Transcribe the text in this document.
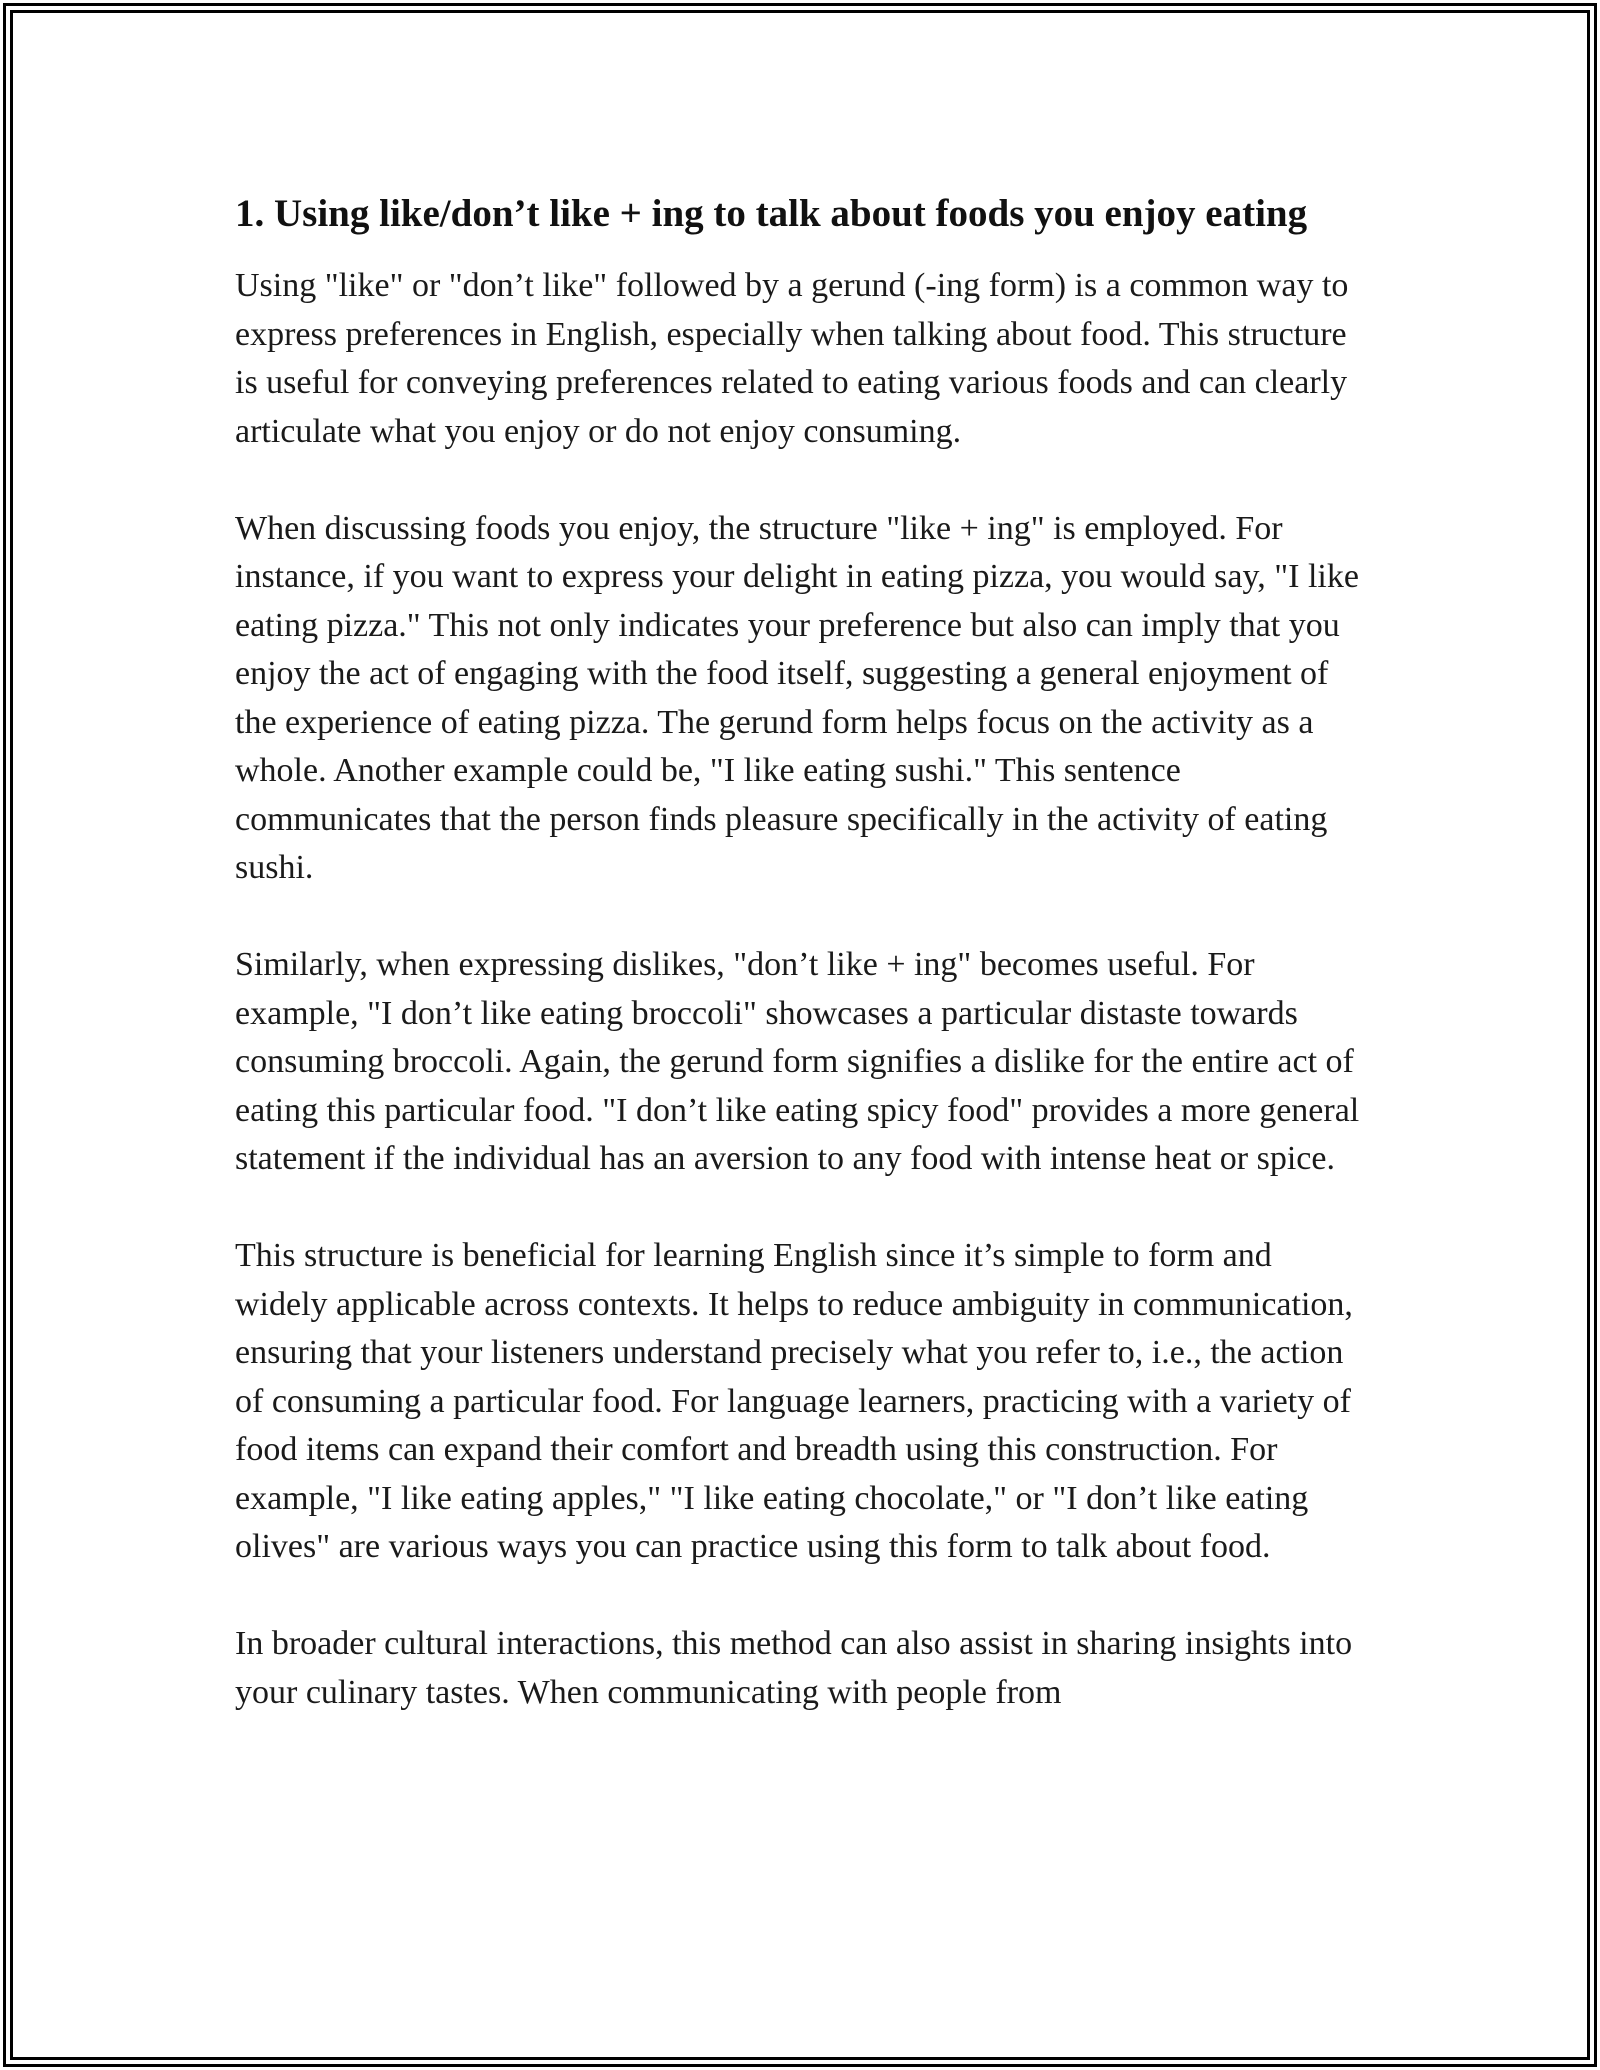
1. Using like/don’t like + ing to talk about foods you enjoy eating

Using "like" or "don’t like" followed by a gerund (-ing form) is a common way to express preferences in English, especially when talking about food. This structure is useful for conveying preferences related to eating various foods and can clearly articulate what you enjoy or do not enjoy consuming.

When discussing foods you enjoy, the structure "like + ing" is employed. For instance, if you want to express your delight in eating pizza, you would say, "I like eating pizza." This not only indicates your preference but also can imply that you enjoy the act of engaging with the food itself, suggesting a general enjoyment of the experience of eating pizza. The gerund form helps focus on the activity as a whole. Another example could be, "I like eating sushi." This sentence communicates that the person finds pleasure specifically in the activity of eating sushi.

Similarly, when expressing dislikes, "don’t like + ing" becomes useful. For example, "I don’t like eating broccoli" showcases a particular distaste towards consuming broccoli. Again, the gerund form signifies a dislike for the entire act of eating this particular food. "I don’t like eating spicy food" provides a more general statement if the individual has an aversion to any food with intense heat or spice.

This structure is beneficial for learning English since it’s simple to form and widely applicable across contexts. It helps to reduce ambiguity in communication, ensuring that your listeners understand precisely what you refer to, i.e., the action of consuming a particular food. For language learners, practicing with a variety of food items can expand their comfort and breadth using this construction. For example, "I like eating apples," "I like eating chocolate," or "I don’t like eating olives" are various ways you can practice using this form to talk about food.

In broader cultural interactions, this method can also assist in sharing insights into your culinary tastes. When communicating with people from
